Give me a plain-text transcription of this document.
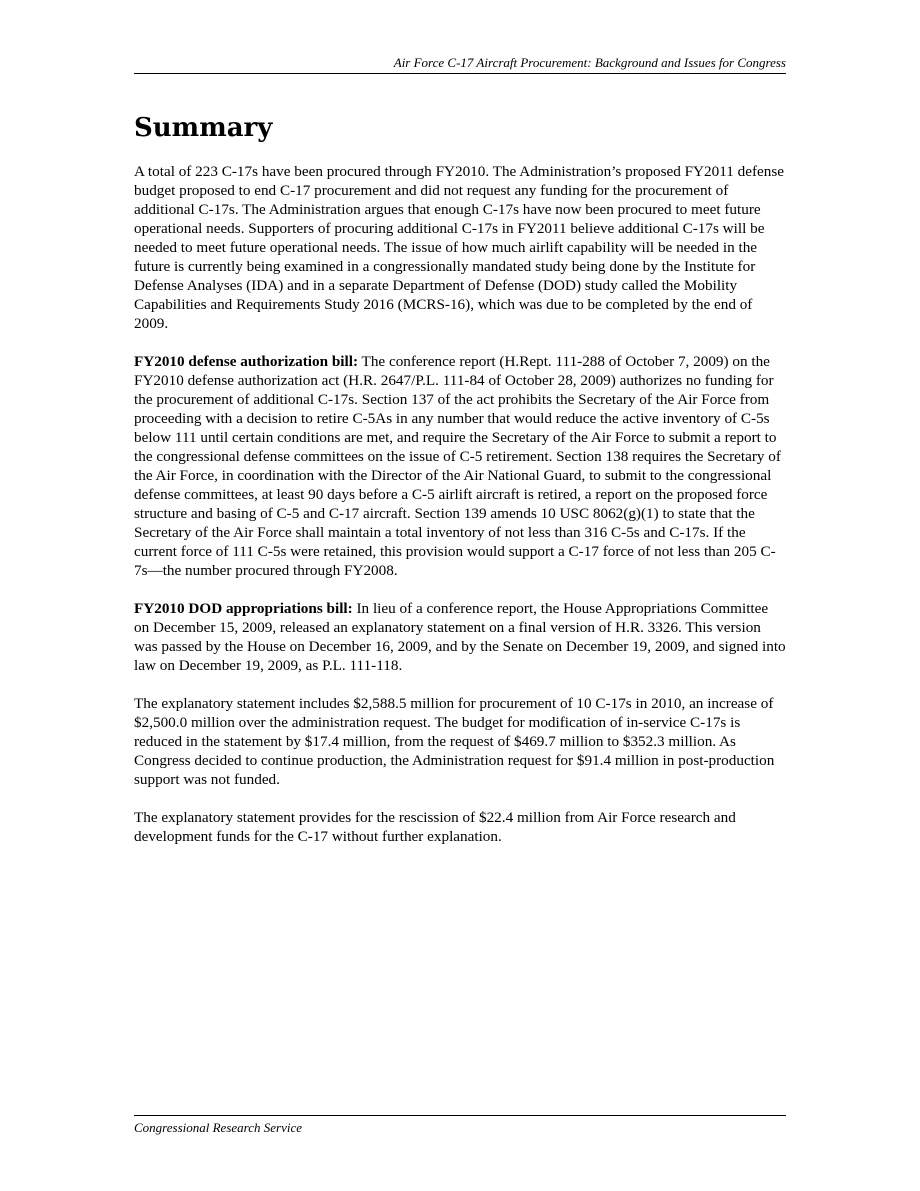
Air Force C-17 Aircraft Procurement: Background and Issues for Congress
Summary

A total of 223 C-17s have been procured through FY2010. The Administration’s proposed FY2011 defense budget proposed to end C-17 procurement and did not request any funding for the procurement of additional C-17s. The Administration argues that enough C-17s have now been procured to meet future operational needs. Supporters of procuring additional C-17s in FY2011 believe additional C-17s will be needed to meet future operational needs. The issue of how much airlift capability will be needed in the future is currently being examined in a congressionally mandated study being done by the Institute for Defense Analyses (IDA) and in a separate Department of Defense (DOD) study called the Mobility Capabilities and Requirements Study 2016 (MCRS-16), which was due to be completed by the end of 2009.

FY2010 defense authorization bill: The conference report (H.Rept. 111-288 of October 7, 2009) on the FY2010 defense authorization act (H.R. 2647/P.L. 111-84 of October 28, 2009) authorizes no funding for the procurement of additional C-17s. Section 137 of the act prohibits the Secretary of the Air Force from proceeding with a decision to retire C-5As in any number that would reduce the active inventory of C-5s below 111 until certain conditions are met, and require the Secretary of the Air Force to submit a report to the congressional defense committees on the issue of C-5 retirement. Section 138 requires the Secretary of the Air Force, in coordination with the Director of the Air National Guard, to submit to the congressional defense committees, at least 90 days before a C-5 airlift aircraft is retired, a report on the proposed force structure and basing of C-5 and C-17 aircraft. Section 139 amends 10 USC 8062(g)(1) to state that the Secretary of the Air Force shall maintain a total inventory of not less than 316 C-5s and C-17s. If the current force of 111 C-5s were retained, this provision would support a C-17 force of not less than 205 C-7s—the number procured through FY2008.

FY2010 DOD appropriations bill: In lieu of a conference report, the House Appropriations Committee on December 15, 2009, released an explanatory statement on a final version of H.R. 3326. This version was passed by the House on December 16, 2009, and by the Senate on December 19, 2009, and signed into law on December 19, 2009, as P.L. 111-118.

The explanatory statement includes $2,588.5 million for procurement of 10 C-17s in 2010, an increase of $2,500.0 million over the administration request. The budget for modification of in-service C-17s is reduced in the statement by $17.4 million, from the request of $469.7 million to $352.3 million. As Congress decided to continue production, the Administration request for $91.4 million in post-production support was not funded.

The explanatory statement provides for the rescission of $22.4 million from Air Force research and development funds for the C-17 without further explanation.

Congressional Research Service
